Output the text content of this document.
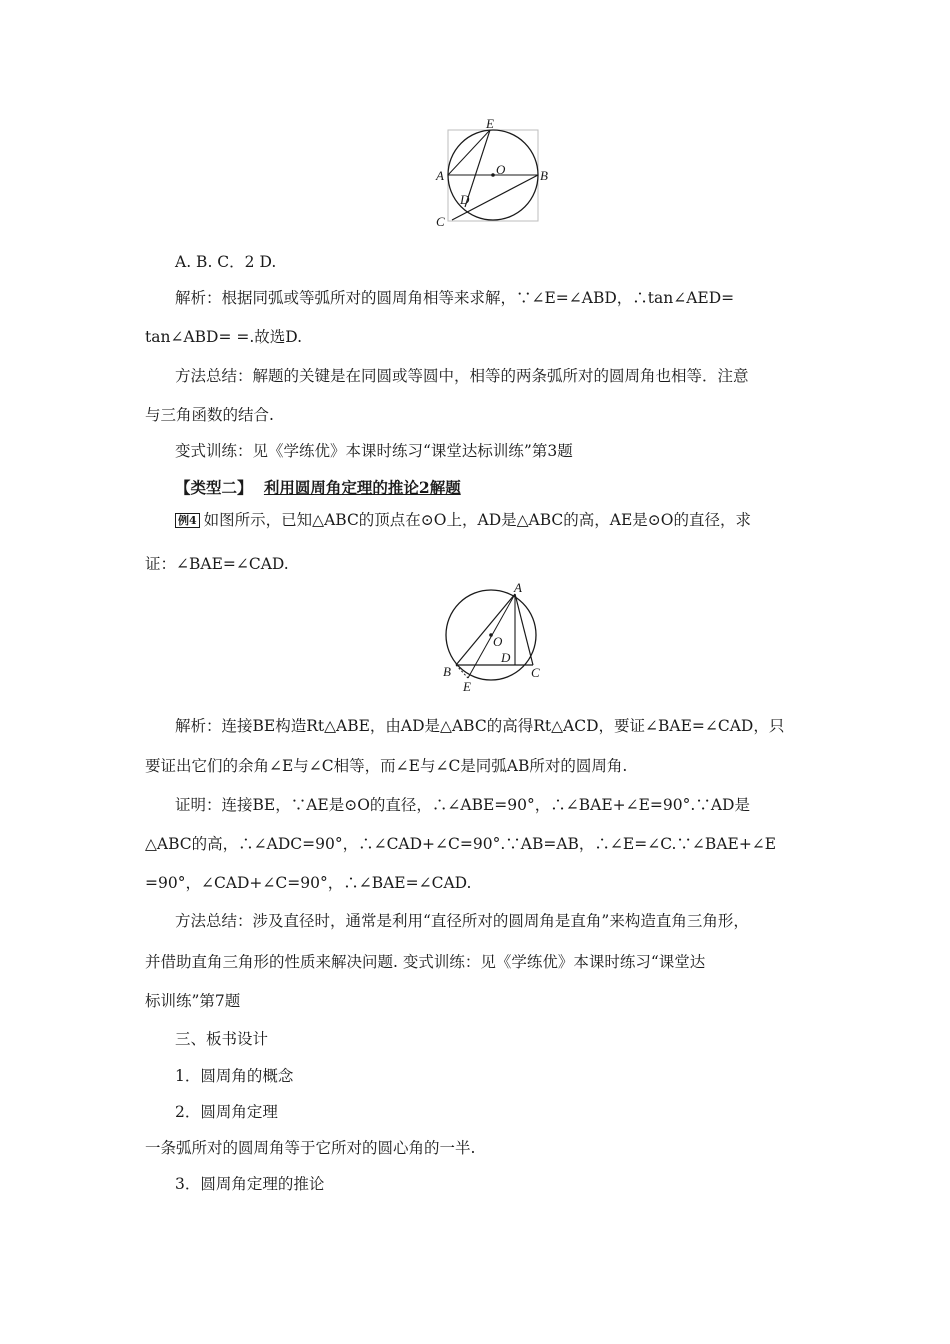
E
O
A	B
D
C
A. B. C．2 D.
解析：根据同弧或等弧所对的圆周角相等来求解，∵∠E=∠ABD，∴tan∠AED=
tan∠ABD= =.故选D.
方法总结：解题的关键是在同圆或等圆中，相等的两条弧所对的圆周角也相等．注意
与三角函数的结合.
变式训练：见《学练优》本课时练习“课堂达标训练”第3题
【类型二】 利用圆周角定理的推论2解题
例4 如图所示，已知△ABC的顶点在⊙O上，AD是△ABC的高，AE是⊙O的直径，求
证：∠BAE=∠CAD.
A
O
D
B	C
E
解析：连接BE构造Rt△ABE，由AD是△ABC的高得Rt△ACD，要证∠BAE=∠CAD，只
要证出它们的余角∠E与∠C相等，而∠E与∠C是同弧AB所对的圆周角.
证明：连接BE，∵AE是⊙O的直径，∴∠ABE=90°，∴∠BAE+∠E=90°.∵AD是
△ABC的高，∴∠ADC=90°，∴∠CAD+∠C=90°.∵AB=AB，∴∠E=∠C.∵∠BAE+∠E
=90°，∠CAD+∠C=90°，∴∠BAE=∠CAD.
方法总结：涉及直径时，通常是利用“直径所对的圆周角是直角”来构造直角三角形，
并借助直角三角形的性质来解决问题. 变式训练：见《学练优》本课时练习“课堂达
标训练”第7题
三、板书设计
1．圆周角的概念
2．圆周角定理
一条弧所对的圆周角等于它所对的圆心角的一半.
3．圆周角定理的推论
